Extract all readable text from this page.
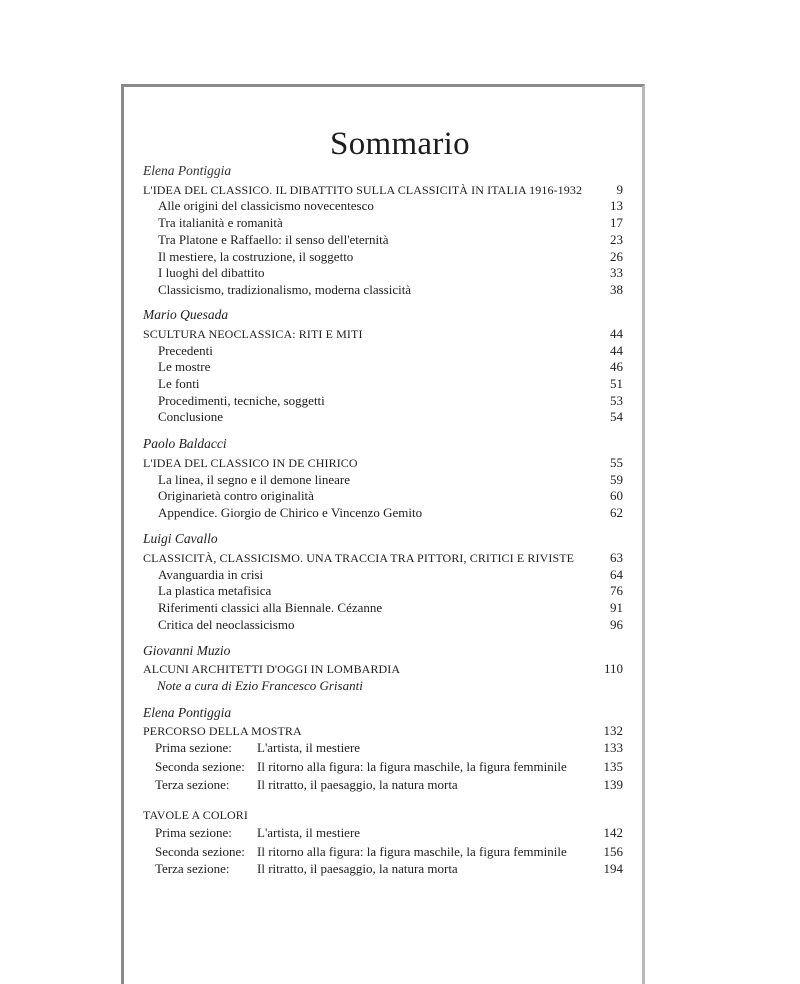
Sommario
Elena Pontiggia
L'IDEA DEL CLASSICO. IL DIBATTITO SULLA CLASSICITÀ IN ITALIA 1916-1932	9
Alle origini del classicismo novecentesco	13
Tra italianità e romanità	17
Tra Platone e Raffaello: il senso dell'eternità	23
Il mestiere, la costruzione, il soggetto	26
I luoghi del dibattito	33
Classicismo, tradizionalismo, moderna classicità	38
Mario Quesada
SCULTURA NEOCLASSICA: RITI E MITI	44
Precedenti	44
Le mostre	46
Le fonti	51
Procedimenti, tecniche, soggetti	53
Conclusione	54
Paolo Baldacci
L'IDEA DEL CLASSICO IN DE CHIRICO	55
La linea, il segno e il demone lineare	59
Originarietà contro originalità	60
Appendice. Giorgio de Chirico e Vincenzo Gemito	62
Luigi Cavallo
CLASSICITÀ, CLASSICISMO. UNA TRACCIA TRA PITTORI, CRITICI E RIVISTE	63
Avanguardia in crisi	64
La plastica metafisica	76
Riferimenti classici alla Biennale. Cézanne	91
Critica del neoclassicismo	96
Giovanni Muzio
ALCUNI ARCHITETTI D'OGGI IN LOMBARDIA	110
Note a cura di Ezio Francesco Grisanti
Elena Pontiggia
PERCORSO DELLA MOSTRA	132
Prima sezione: L'artista, il mestiere	133
Seconda sezione: Il ritorno alla figura: la figura maschile, la figura femminile	135
Terza sezione: Il ritratto, il paesaggio, la natura morta	139
TAVOLE A COLORI
Prima sezione: L'artista, il mestiere	142
Seconda sezione: Il ritorno alla figura: la figura maschile, la figura femminile	156
Terza sezione: Il ritratto, il paesaggio, la natura morta	194
